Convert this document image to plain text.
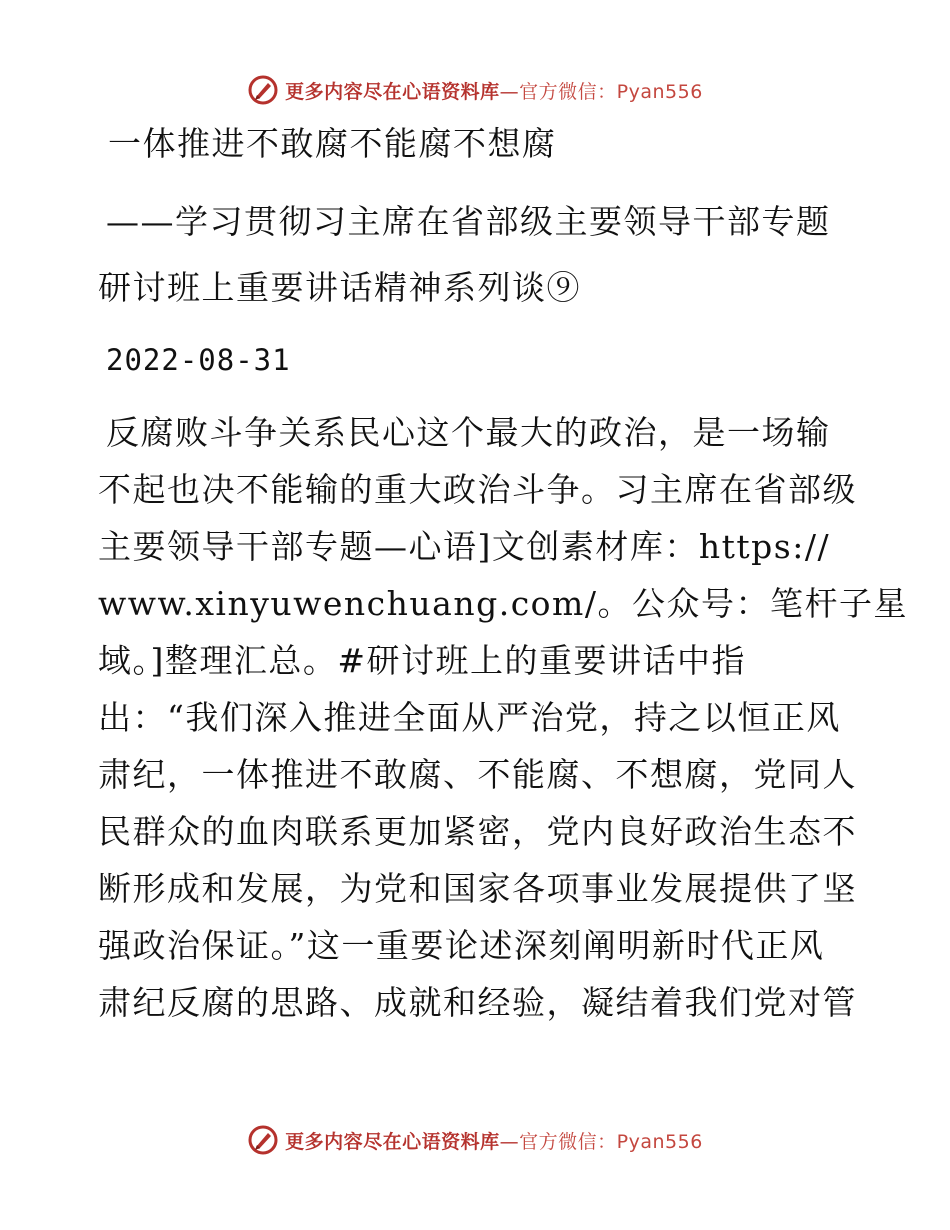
更多内容尽在心语资料库—官方微信：Pyan556
一体推进不敢腐不能腐不想腐
——学习贯彻习主席在省部级主要领导干部专题
研讨班上重要讲话精神系列谈⑨
2022-08-31
反腐败斗争关系民心这个最大的政治，是一场输
不起也决不能输的重大政治斗争。习主席在省部级
主要领导干部专题—心语]文创素材库：https://
www.xinyuwenchuang.com/。公众号：笔杆子星
域。]整理汇总。#研讨班上的重要讲话中指
出：“我们深入推进全面从严治党，持之以恒正风
肃纪，一体推进不敢腐、不能腐、不想腐，党同人
民群众的血肉联系更加紧密，党内良好政治生态不
断形成和发展，为党和国家各项事业发展提供了坚
强政治保证。”这一重要论述深刻阐明新时代正风
肃纪反腐的思路、成就和经验，凝结着我们党对管
更多内容尽在心语资料库—官方微信：Pyan556
